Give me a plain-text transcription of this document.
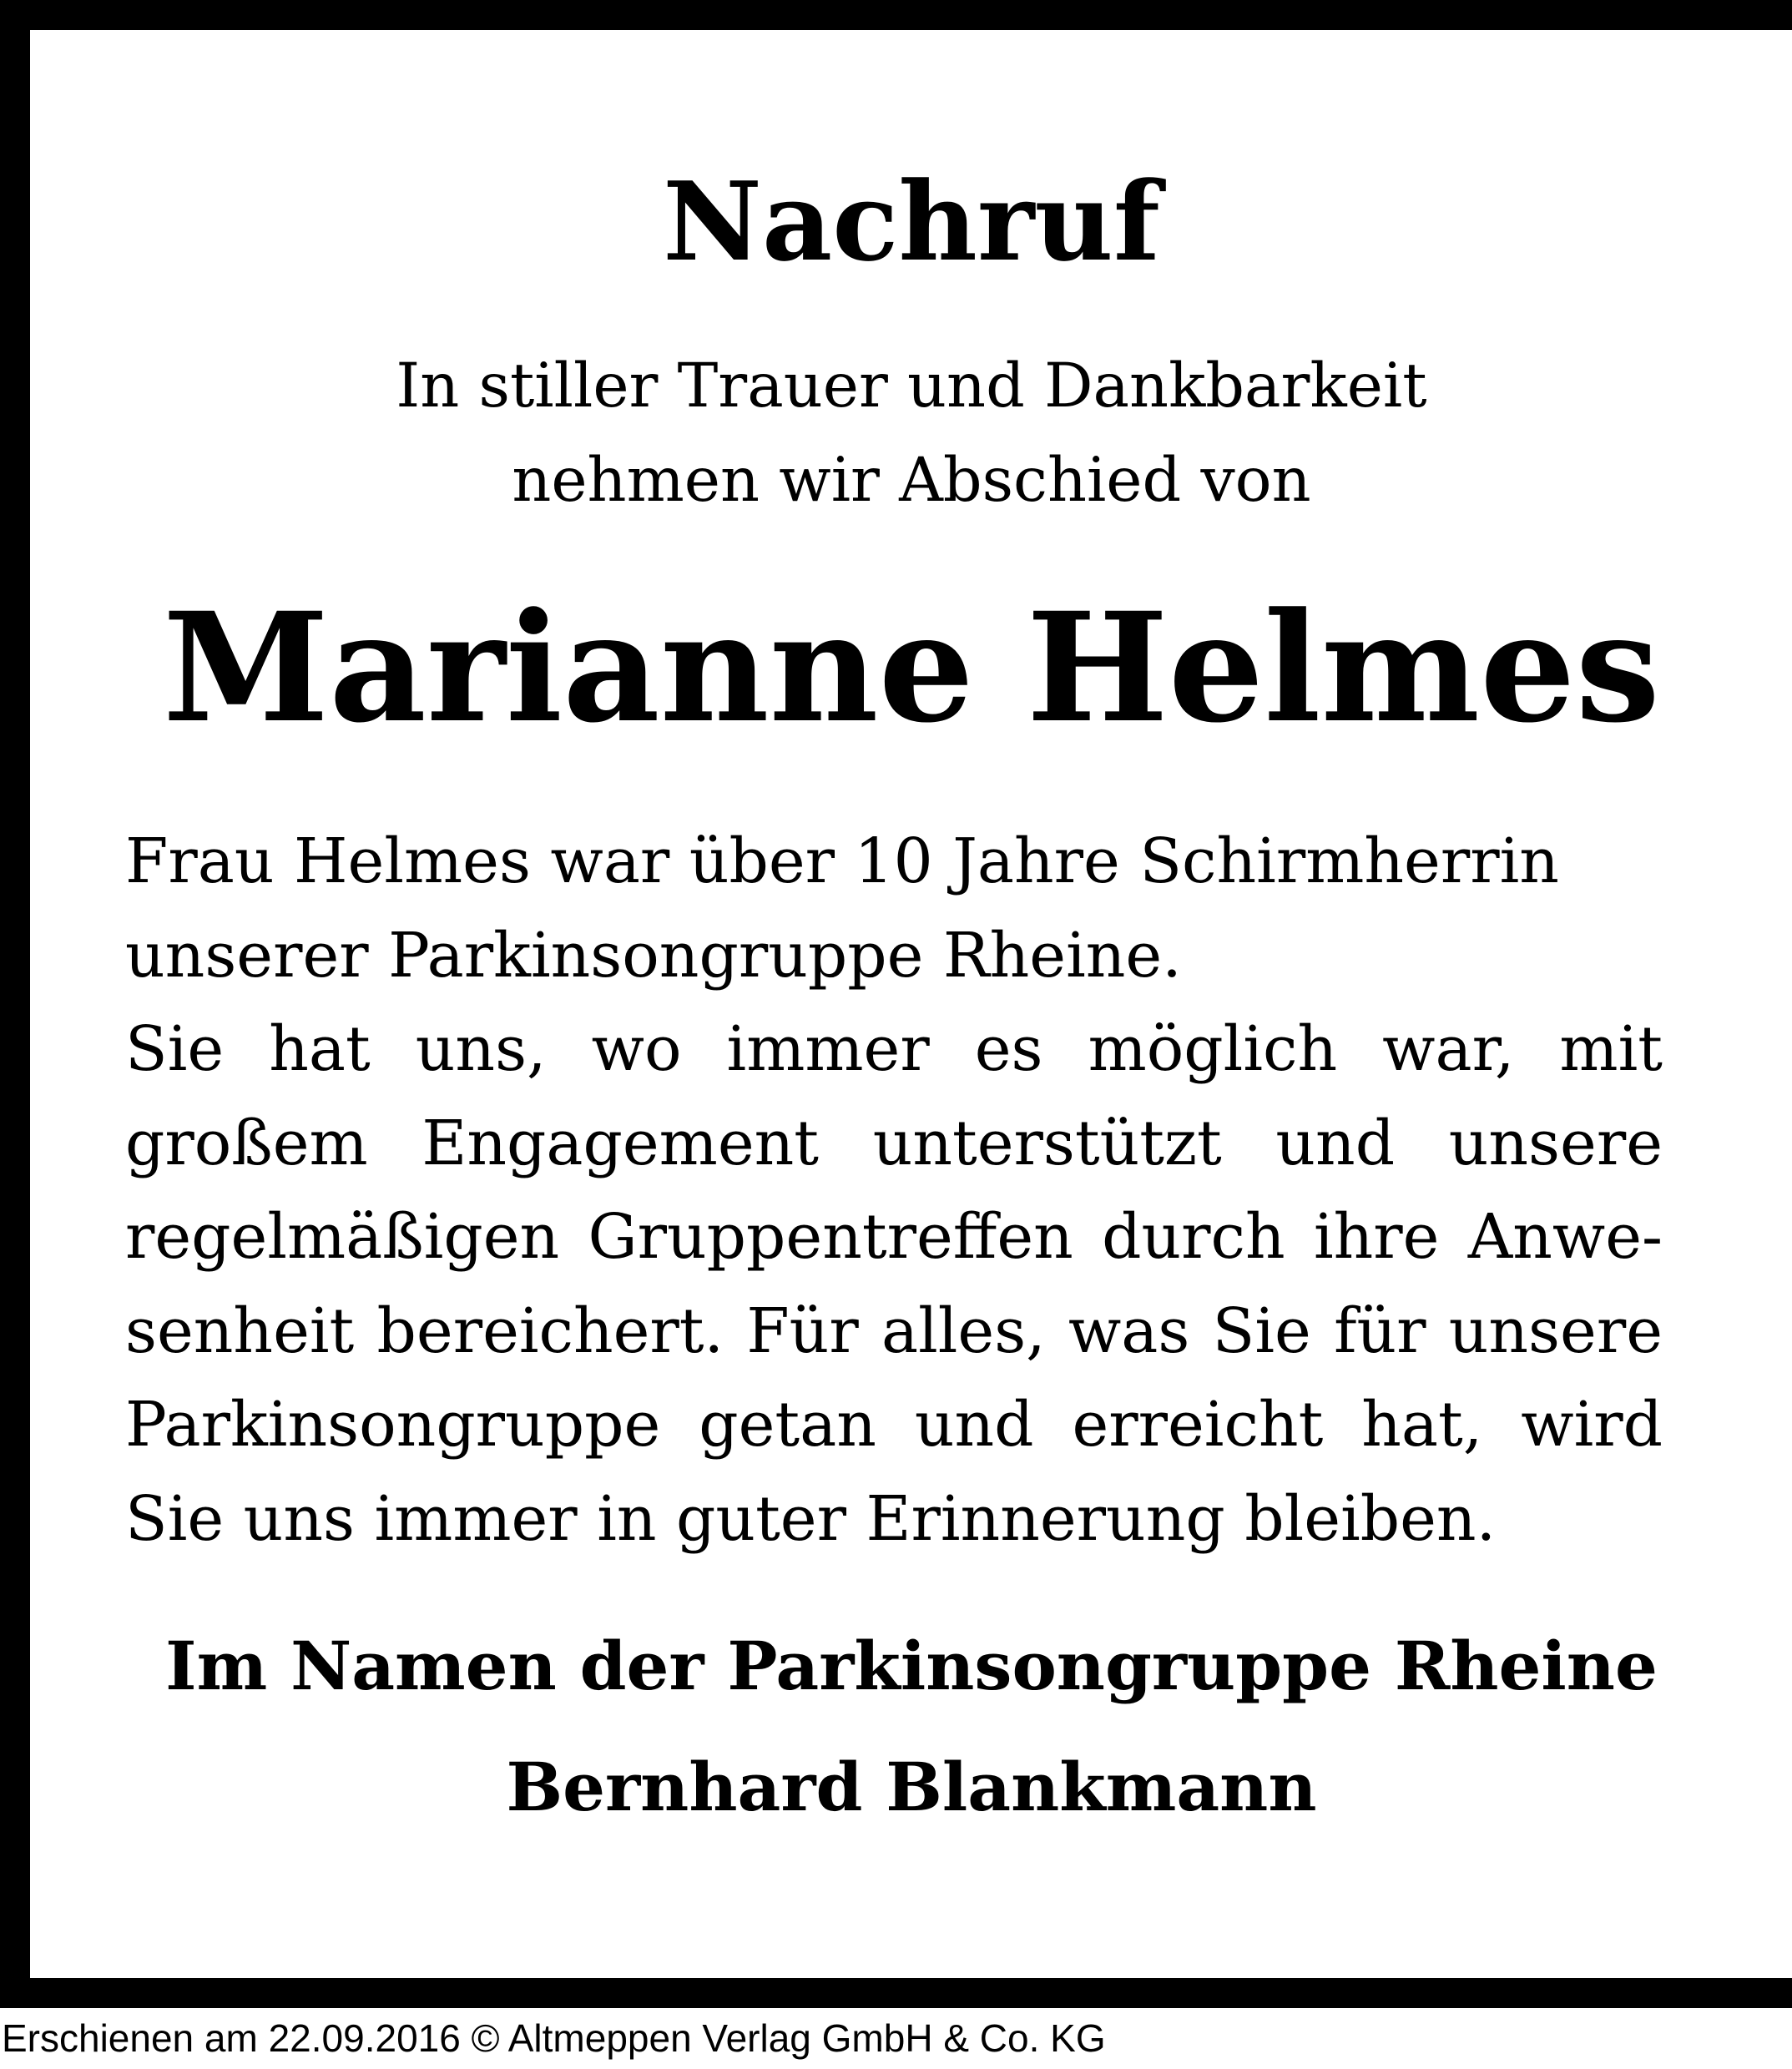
Nachruf
In stiller Trauer und Dankbarkeit
nehmen wir Abschied von
Marianne Helmes
Frau Helmes war über 10 Jahre Schirmherrin
unserer Parkinsongruppe Rheine.
Sie hat uns, wo immer es möglich war, mit
großem Engagement unterstützt und unsere
regelmäßigen Gruppentreffen durch ihre Anwe-
senheit bereichert. Für alles, was Sie für unsere
Parkinsongruppe getan und erreicht hat, wird
Sie uns immer in guter Erinnerung bleiben.
Im Namen der Parkinsongruppe Rheine
Bernhard Blankmann
Erschienen am 22.09.2016 © Altmeppen Verlag GmbH & Co. KG
